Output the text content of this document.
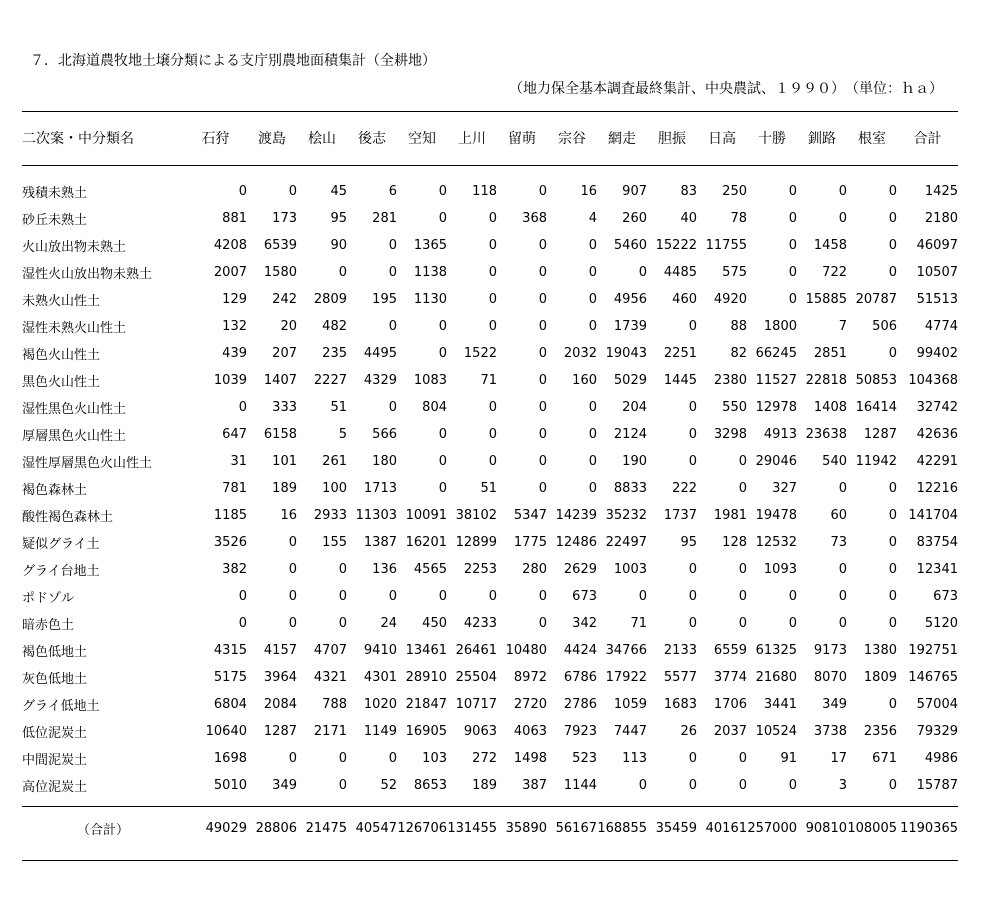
７．北海道農牧地土壌分類による支庁別農地面積集計（全耕地）
（地力保全基本調査最終集計、中央農試、１９９０）　（単位：ｈａ）
二次案・中分類名	石狩	渡島	桧山	後志	空知	上川	留萌	宗谷	網走	胆振	日高	十勝	釧路	根室	合計

残積未熟土	0	0	45	6	0	118	0	16	907	83	250	0	0	0	1425
砂丘未熟土	881	173	95	281	0	0	368	4	260	40	78	0	0	0	2180
火山放出物未熟土	4208	6539	90	0	1365	0	0	0	5460	15222	11755	0	1458	0	46097
湿性火山放出物未熟土	2007	1580	0	0	1138	0	0	0	0	4485	575	0	722	0	10507
未熟火山性土	129	242	2809	195	1130	0	0	0	4956	460	4920	0	15885	20787	51513
湿性未熟火山性土	132	20	482	0	0	0	0	0	1739	0	88	1800	7	506	4774
褐色火山性土	439	207	235	4495	0	1522	0	2032	19043	2251	82	66245	2851	0	99402
黒色火山性土	1039	1407	2227	4329	1083	71	0	160	5029	1445	2380	11527	22818	50853	104368
湿性黒色火山性土	0	333	51	0	804	0	0	0	204	0	550	12978	1408	16414	32742
厚層黒色火山性土	647	6158	5	566	0	0	0	0	2124	0	3298	4913	23638	1287	42636
湿性厚層黒色火山性土	31	101	261	180	0	0	0	0	190	0	0	29046	540	11942	42291
褐色森林土	781	189	100	1713	0	51	0	0	8833	222	0	327	0	0	12216
酸性褐色森林土	1185	16	2933	11303	10091	38102	5347	14239	35232	1737	1981	19478	60	0	141704
疑似グライ土	3526	0	155	1387	16201	12899	1775	12486	22497	95	128	12532	73	0	83754
グライ台地土	382	0	0	136	4565	2253	280	2629	1003	0	0	1093	0	0	12341
ポドゾル	0	0	0	0	0	0	0	673	0	0	0	0	0	0	673
暗赤色土	0	0	0	24	450	4233	0	342	71	0	0	0	0	0	5120
褐色低地土	4315	4157	4707	9410	13461	26461	10480	4424	34766	2133	6559	61325	9173	1380	192751
灰色低地土	5175	3964	4321	4301	28910	25504	8972	6786	17922	5577	3774	21680	8070	1809	146765
グライ低地土	6804	2084	788	1020	21847	10717	2720	2786	1059	1683	1706	3441	349	0	57004
低位泥炭土	10640	1287	2171	1149	16905	9063	4063	7923	7447	26	2037	10524	3738	2356	79329
中間泥炭土	1698	0	0	0	103	272	1498	523	113	0	0	91	17	671	4986
高位泥炭土	5010	349	0	52	8653	189	387	1144	0	0	0	0	3	0	15787

（合計）	49029	28806	21475	40547	126706	131455	35890	56167	168855	35459	40161	257000	90810	108005	1190365
